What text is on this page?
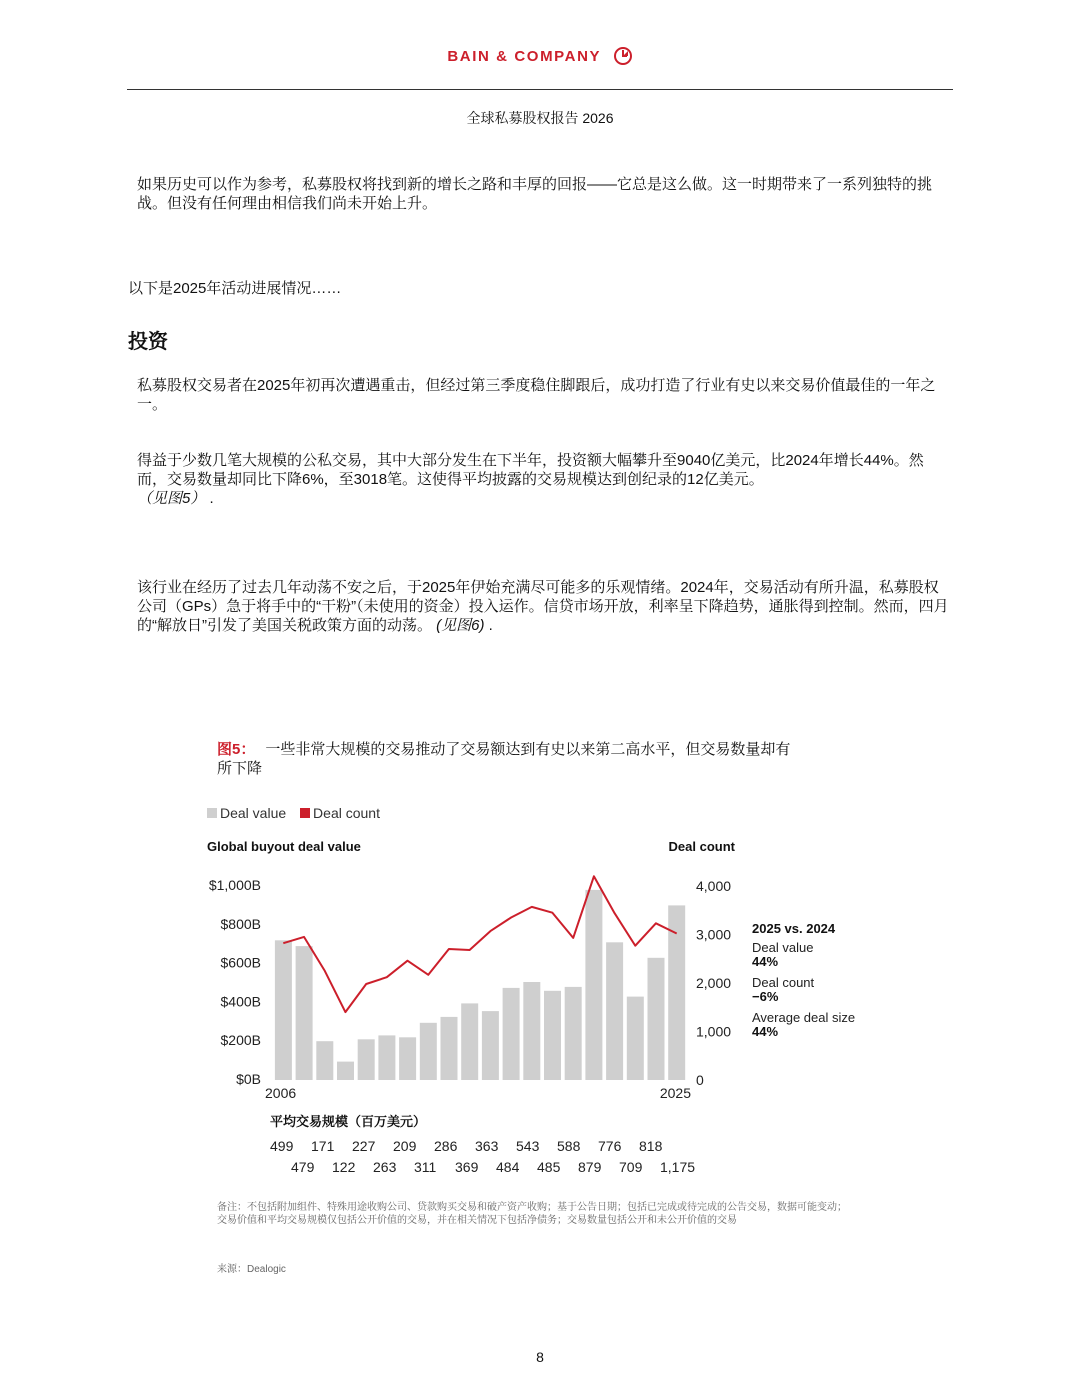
BAIN & COMPANY
全球私募股权报告 2026
如果历史可以作为参考，私募股权将找到新的增长之路和丰厚的回报——它总是这么做。这一时期带来了一系列独特的挑战。但没有任何理由相信我们尚未开始上升。
以下是2025年活动进展情况……
投资
私募股权交易者在2025年初再次遭遇重击，但经过第三季度稳住脚跟后，成功打造了行业有史以来交易价值最佳的一年之一。
得益于少数几笔大规模的公私交易，其中大部分发生在下半年，投资额大幅攀升至9040亿美元，比2024年增长44%。然而，交易数量却同比下降6%，至3018笔。这使得平均披露的交易规模达到创纪录的12亿美元。
（见图5） .
该行业在经历了过去几年动荡不安之后，于2025年伊始充满尽可能多的乐观情绪。2024年，交易活动有所升温，私募股权公司（GPs）急于将手中的“干粉”（未使用的资金）投入运作。信贷市场开放，利率呈下降趋势，通胀得到控制。然而，四月的“解放日”引发了美国关税政策方面的动荡。 (见图6) .
图5： 一些非常大规模的交易推动了交易额达到有史以来第二高水平，但交易数量却有所下降
Deal value Deal count
Global buyout deal value	Deal count
$0B
$200B
$400B
$600B
$800B
$1,000B
0
1,000
2,000
3,000
4,000
2006	2025
2025 vs. 2024
Deal value
44%
Deal count
−6%
Average deal size
44%
平均交易规模（百万美元）
499 171 227 209 286 363 543 588 776 818
479 122 263 311 369 484 485 879 709 1,175
备注：不包括附加组件、特殊用途收购公司、贷款购买交易和破产资产收购；基于公告日期；包括已完成或待完成的公告交易，数据可能变动；交易价值和平均交易规模仅包括公开价值的交易，并在相关情况下包括净债务；交易数量包括公开和未公开价值的交易
来源：Dealogic
8
